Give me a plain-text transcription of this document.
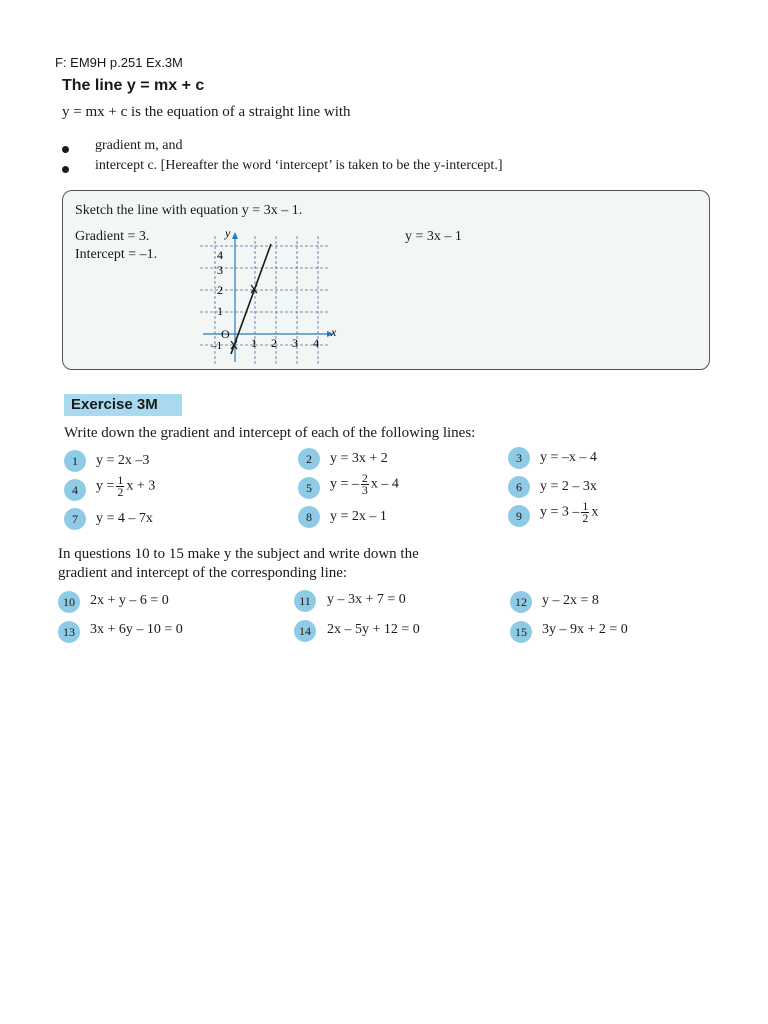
F: EM9H p.251 Ex.3M
The line y = mx + c
y = mx + c is the equation of a straight line with
gradient m, and
intercept c. [Hereafter the word ‘intercept’ is taken to be the y-intercept.]
Sketch the line with equation y = 3x – 1.
Gradient = 3.
Intercept = –1.
y = 3x – 1
y
x
4
3
2
1
O
–1 1 2 3 4
Exercise 3M
Write down the gradient and intercept of each of the following lines:
1	y = 2x –3	2	y = 3x + 2	3	y = –x – 4
4	$y = \frac{1}{2}$ x + 3	5	y = – $\frac{2}{3}$ x – 4	6	y = 2 – 3x
7	y = 4 – 7x	8	y = 2x – 1	9	$y = 3 - \frac{1}{2}$ x
In questions 10 to 15 make y the subject and write down the
gradient and intercept of the corresponding line:
10	2x + y – 6 = 0	11	y – 3x + 7 = 0	12	y – 2x = 8
13	3x + 6y – 10 = 0	14	2x – 5y + 12 = 0	15	3y – 9x + 2 = 0
